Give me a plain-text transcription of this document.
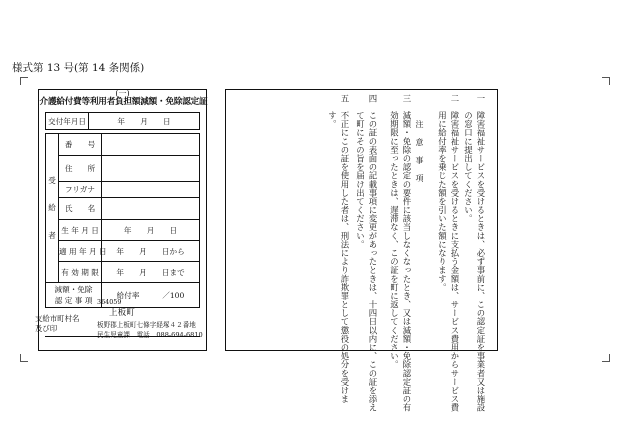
様式第 13 号(第 14 条関係)
(一)
介護給付費等利用者負担額減額・免除認定証
交付年月日	年　　月　　日
受
給
者	番　　号	
	住　　所	
	フリガナ	
	氏　　名	
	生 年 月 日	年　　月　　日
	適 用 年 月 日	年　　月　　日から
	有 効 期 限	年　　月　　日まで

減額・免除
認 定 事 項		給付率　　　／100
支給市町村名
及び印
364059
上板町
板野郡上板町七條字経塚４２番地
民生児童課　 電話　088-694-6810
注　意　事　項
一　障害福祉サービスを受けるときは、必ず事前に、この認定証を事業者又は施設
　　の窓口に提出してください。
二　障害福祉サービスを受けるときに支払う金額は、サービス費用からサービス費
　　用に給付率を乗じた額を引いた額になります。
三　減額・免除の認定の要件に該当しなくなったとき、又は減額・免除認定証の有
　　効期限に至ったときは、遅滞なく、この証を町に返してください。
四　この証の表面の記載事項に変更があったときは、十四日以内に、この証を添え
　　て町にその旨を届け出てください。
五　不正にこの証を使用した者は、刑法により詐欺罪として懲役の処分を受けま
　　す。
